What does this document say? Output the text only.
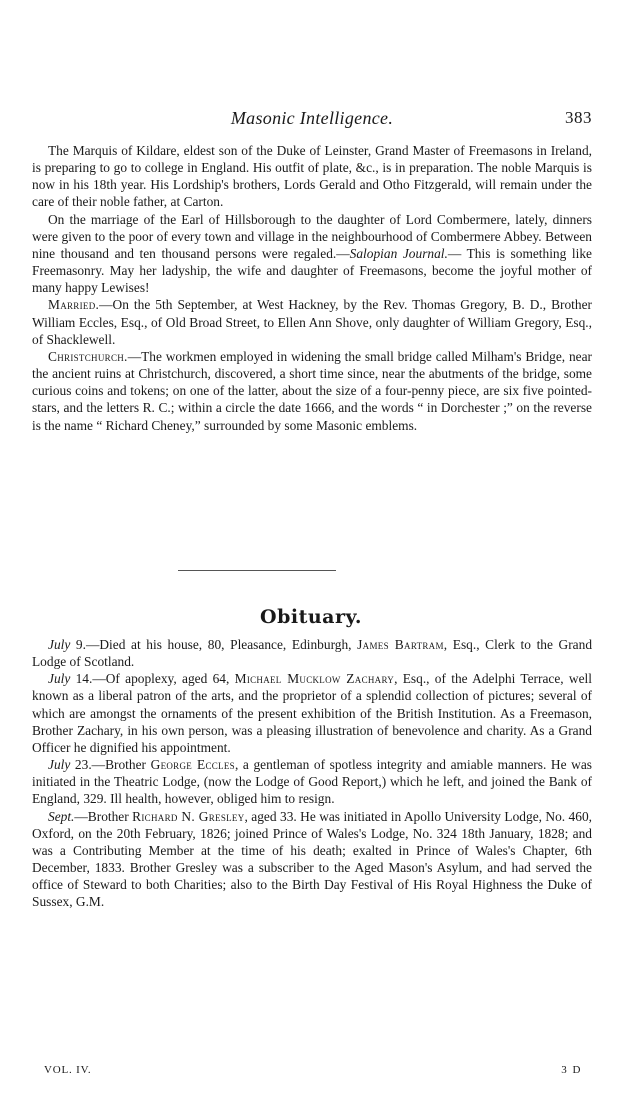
Masonic Intelligence.	383

The Marquis of Kildare, eldest son of the Duke of Leinster, Grand Master of Freemasons in Ireland, is preparing to go to college in England. His outfit of plate, &c., is in preparation. The noble Marquis is now in his 18th year. His Lordship's brothers, Lords Gerald and Otho Fitzgerald, will remain under the care of their noble father, at Carton.

On the marriage of the Earl of Hillsborough to the daughter of Lord Combermere, lately, dinners were given to the poor of every town and village in the neighbourhood of Combermere Abbey. Between nine thousand and ten thousand persons were regaled.—Salopian Journal.— This is something like Freemasonry. May her ladyship, the wife and daughter of Freemasons, become the joyful mother of many happy Lewises!

Married.—On the 5th September, at West Hackney, by the Rev. Thomas Gregory, B. D., Brother William Eccles, Esq., of Old Broad Street, to Ellen Ann Shove, only daughter of William Gregory, Esq., of Shacklewell.

Christchurch.—The workmen employed in widening the small bridge called Milham's Bridge, near the ancient ruins at Christchurch, discovered, a short time since, near the abutments of the bridge, some curious coins and tokens; on one of the latter, about the size of a four-penny piece, are six five pointed-stars, and the letters R. C.; within a circle the date 1666, and the words “ in Dorchester ;” on the reverse is the name “ Richard Cheney,” surrounded by some Masonic emblems.

Obituary.

July 9.—Died at his house, 80, Pleasance, Edinburgh, James Bartram, Esq., Clerk to the Grand Lodge of Scotland.

July 14.—Of apoplexy, aged 64, Michael Mucklow Zachary, Esq., of the Adelphi Terrace, well known as a liberal patron of the arts, and the proprietor of a splendid collection of pictures; several of which are amongst the ornaments of the present exhibition of the British Institution. As a Freemason, Brother Zachary, in his own person, was a pleasing illustration of benevolence and charity. As a Grand Officer he dignified his appointment.

July 23.—Brother George Eccles, a gentleman of spotless integrity and amiable manners. He was initiated in the Theatric Lodge, (now the Lodge of Good Report,) which he left, and joined the Bank of England, 329. Ill health, however, obliged him to resign.

Sept.—Brother Richard N. Gresley, aged 33. He was initiated in Apollo University Lodge, No. 460, Oxford, on the 20th February, 1826; joined Prince of Wales's Lodge, No. 324 18th January, 1828; and was a Contributing Member at the time of his death; exalted in Prince of Wales's Chapter, 6th December, 1833. Brother Gresley was a subscriber to the Aged Mason's Asylum, and had served the office of Steward to both Charities; also to the Birth Day Festival of His Royal Highness the Duke of Sussex, G.M.

VOL. IV.	3 D
